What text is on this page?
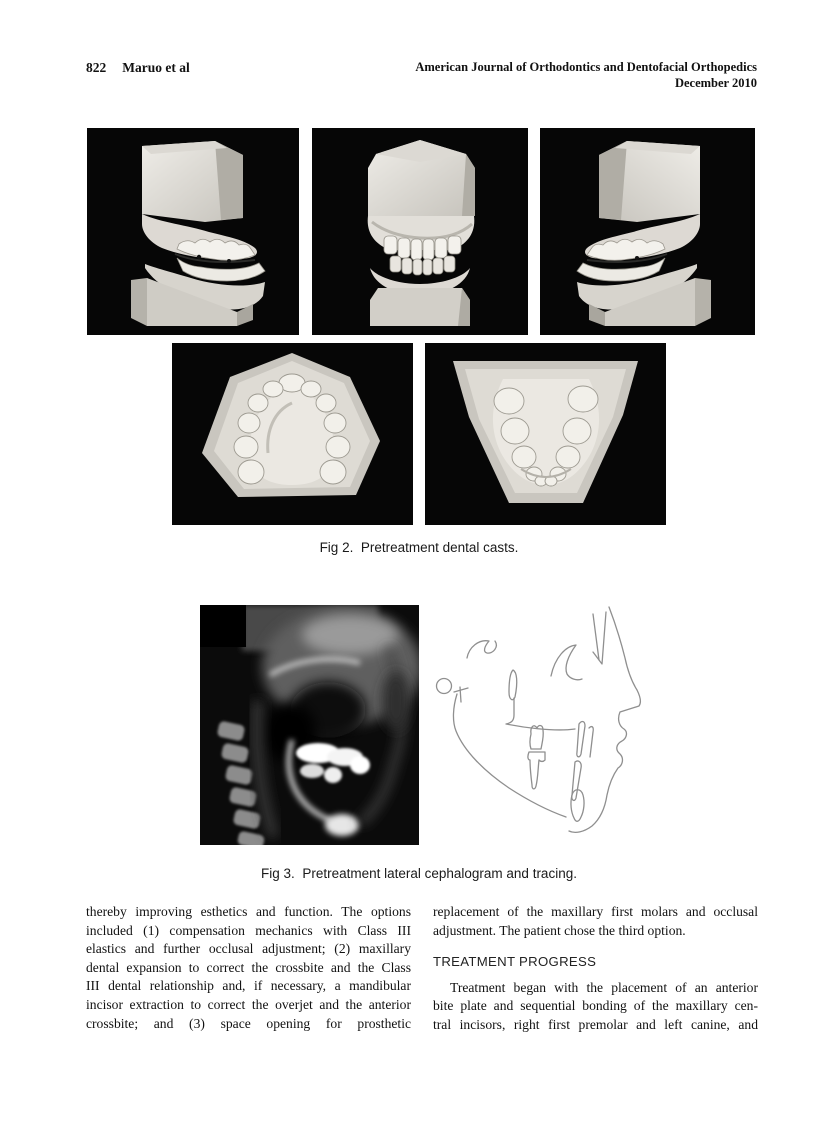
822 Maruo et al	American Journal of Orthodontics and Dentofacial Orthopedics
December 2010
Fig 2. Pretreatment dental casts.
Fig 3. Pretreatment lateral cephalogram and tracing.
thereby improving esthetics and function. The options
included (1) compensation mechanics with Class III
elastics and further occlusal adjustment; (2) maxillary
dental expansion to correct the crossbite and the Class
III dental relationship and, if necessary, a mandibular
incisor extraction to correct the overjet and the anterior
crossbite; and (3) space opening for prosthetic
replacement of the maxillary first molars and occlusal
adjustment. The patient chose the third option.
TREATMENT PROGRESS
Treatment began with the placement of an anterior
bite plate and sequential bonding of the maxillary cen-
tral incisors, right first premolar and left canine, and
